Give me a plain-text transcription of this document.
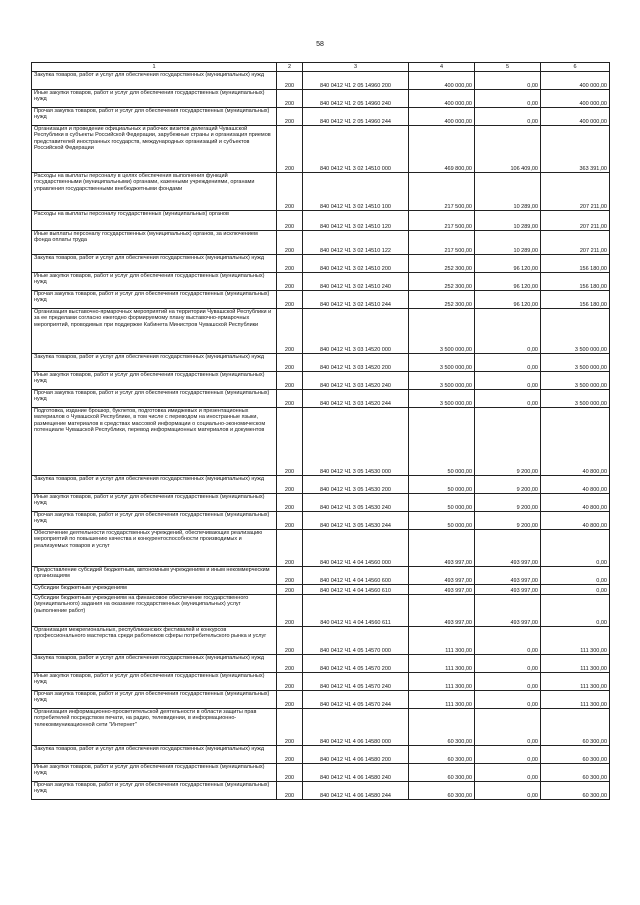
58
1	2	3	4	5	6
Закупка товаров, работ и услуг для обеспечения государственных (муниципальных) нужд	200	840 0412 Ч1 2 05 14960 200	400 000,00	0,00	400 000,00
Иные закупки товаров, работ и услуг для обеспечения государственных (муниципальных) нужд	200	840 0412 Ч1 2 05 14960 240	400 000,00	0,00	400 000,00
Прочая закупка товаров, работ и услуг для обеспечения государственных (муниципальных) нужд	200	840 0412 Ч1 2 05 14960 244	400 000,00	0,00	400 000,00
Организация и проведение официальных и рабочих визитов делегаций Чувашской Республики в субъекты Российской Федерации, зарубежные страны и организация приемов представителей иностранных государств, международных организаций и субъектов Российской Федерации	200	840 0412 Ч1 3 02 14510 000	469 800,00	106 409,00	363 391,00
Расходы на выплаты персоналу в целях обеспечения выполнения функций государственными (муниципальными) органами, казенными учреждениями, органами управления государственными внебюджетными фондами	200	840 0412 Ч1 3 02 14510 100	217 500,00	10 289,00	207 211,00
Расходы на выплаты персоналу государственных (муниципальных) органов	200	840 0412 Ч1 3 02 14510 120	217 500,00	10 289,00	207 211,00
Иные выплаты персоналу государственных (муниципальных) органов, за исключением фонда оплаты труда	200	840 0412 Ч1 3 02 14510 122	217 500,00	10 289,00	207 211,00
Закупка товаров, работ и услуг для обеспечения государственных (муниципальных) нужд	200	840 0412 Ч1 3 02 14510 200	252 300,00	96 120,00	156 180,00
Иные закупки товаров, работ и услуг для обеспечения государственных (муниципальных) нужд	200	840 0412 Ч1 3 02 14510 240	252 300,00	96 120,00	156 180,00
Прочая закупка товаров, работ и услуг для обеспечения государственных (муниципальных) нужд	200	840 0412 Ч1 3 02 14510 244	252 300,00	96 120,00	156 180,00
Организация выставочно-ярмарочных мероприятий на территории Чувашской Республики и за ее пределами согласно ежегодно формируемому плану выставочно-ярмарочных мероприятий, проводимых при поддержке Кабинета Министров Чувашской Республики	200	840 0412 Ч1 3 03 14520 000	3 500 000,00	0,00	3 500 000,00
Закупка товаров, работ и услуг для обеспечения государственных (муниципальных) нужд	200	840 0412 Ч1 3 03 14520 200	3 500 000,00	0,00	3 500 000,00
Иные закупки товаров, работ и услуг для обеспечения государственных (муниципальных) нужд	200	840 0412 Ч1 3 03 14520 240	3 500 000,00	0,00	3 500 000,00
Прочая закупка товаров, работ и услуг для обеспечения государственных (муниципальных) нужд	200	840 0412 Ч1 3 03 14520 244	3 500 000,00	0,00	3 500 000,00
Подготовка, издание брошюр, буклетов, подготовка имиджевых и презентационных материалов о Чувашской Республике, в том числе с переводом на иностранные языки, размещение материалов в средствах массовой информации о социально-экономическом потенциале Чувашской Республики, перевод информационных материалов и документов	200	840 0412 Ч1 3 05 14530 000	50 000,00	9 200,00	40 800,00
Закупка товаров, работ и услуг для обеспечения государственных (муниципальных) нужд	200	840 0412 Ч1 3 05 14530 200	50 000,00	9 200,00	40 800,00
Иные закупки товаров, работ и услуг для обеспечения государственных (муниципальных) нужд	200	840 0412 Ч1 3 05 14530 240	50 000,00	9 200,00	40 800,00
Прочая закупка товаров, работ и услуг для обеспечения государственных (муниципальных) нужд	200	840 0412 Ч1 3 05 14530 244	50 000,00	9 200,00	40 800,00
Обеспечение деятельности государственных учреждений, обеспечивающих реализацию мероприятий по повышению качества и конкурентоспособности производимых и реализуемых товаров и услуг	200	840 0412 Ч1 4 04 14560 000	493 997,00	493 997,00	0,00
Предоставление субсидий бюджетным, автономным учреждениям и иным некоммерческим организациям	200	840 0412 Ч1 4 04 14560 600	493 997,00	493 997,00	0,00
Субсидии бюджетным учреждениям	200	840 0412 Ч1 4 04 14560 610	493 997,00	493 997,00	0,00
Субсидии бюджетным учреждениям на финансовое обеспечение государственного (муниципального) задания на оказание государственных (муниципальных) услуг (выполнение работ)	200	840 0412 Ч1 4 04 14560 611	493 997,00	493 997,00	0,00
Организация межрегиональных, республиканских фестивалей и конкурсов профессионального мастерства среди работников сферы потребительского рынка и услуг	200	840 0412 Ч1 4 05 14570 000	111 300,00	0,00	111 300,00
Закупка товаров, работ и услуг для обеспечения государственных (муниципальных) нужд	200	840 0412 Ч1 4 05 14570 200	111 300,00	0,00	111 300,00
Иные закупки товаров, работ и услуг для обеспечения государственных (муниципальных) нужд	200	840 0412 Ч1 4 05 14570 240	111 300,00	0,00	111 300,00
Прочая закупка товаров, работ и услуг для обеспечения государственных (муниципальных) нужд	200	840 0412 Ч1 4 05 14570 244	111 300,00	0,00	111 300,00
Организация информационно-просветительской деятельности в области защиты прав потребителей посредством печати, на радио, телевидении, в информационно-телекоммуникационной сети "Интернет"	200	840 0412 Ч1 4 06 14580 000	60 300,00	0,00	60 300,00
Закупка товаров, работ и услуг для обеспечения государственных (муниципальных) нужд	200	840 0412 Ч1 4 06 14580 200	60 300,00	0,00	60 300,00
Иные закупки товаров, работ и услуг для обеспечения государственных (муниципальных) нужд	200	840 0412 Ч1 4 06 14580 240	60 300,00	0,00	60 300,00
Прочая закупка товаров, работ и услуг для обеспечения государственных (муниципальных) нужд	200	840 0412 Ч1 4 06 14580 244	60 300,00	0,00	60 300,00
